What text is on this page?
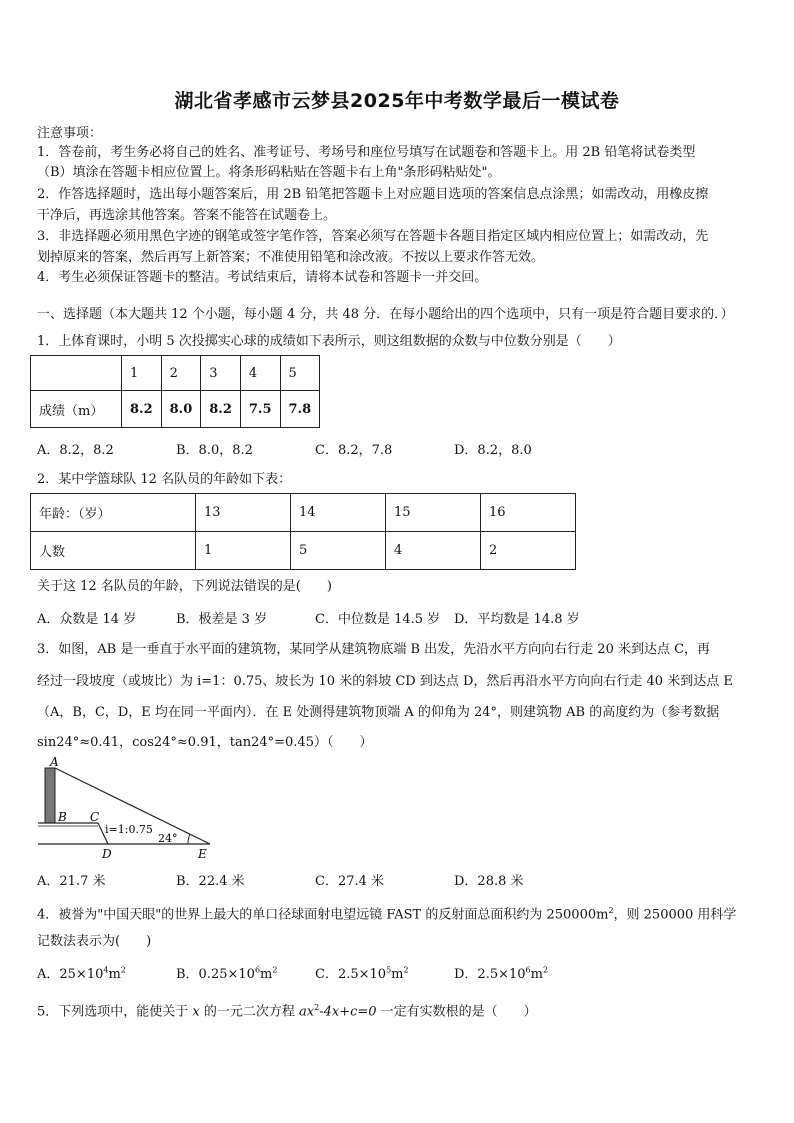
湖北省孝感市云梦县2025年中考数学最后一模试卷
注意事项：
1．答卷前，考生务必将自己的姓名、准考证号、考场号和座位号填写在试题卷和答题卡上。用 2B 铅笔将试卷类型
（B）填涂在答题卡相应位置上。将条形码粘贴在答题卡右上角"条形码粘贴处"。
2．作答选择题时，选出每小题答案后，用 2B 铅笔把答题卡上对应题目选项的答案信息点涂黑；如需改动，用橡皮擦
干净后，再选涂其他答案。答案不能答在试题卷上。
3．非选择题必须用黑色字迹的钢笔或签字笔作答，答案必须写在答题卡各题目指定区域内相应位置上；如需改动，先
划掉原来的答案，然后再写上新答案；不准使用铅笔和涂改液。不按以上要求作答无效。
4．考生必须保证答题卡的整洁。考试结束后，请将本试卷和答题卡一并交回。
一、选择题（本大题共 12 个小题，每小题 4 分，共 48 分．在每小题给出的四个选项中，只有一项是符合题目要求的．）
1．上体育课时，小明 5 次投掷实心球的成绩如下表所示，则这组数据的众数与中位数分别是（　　）
	1	2	3	4	5
成绩（m）	8.2	8.0	8.2	7.5	7.8
A．8.2，8.2	B．8.0，8.2	C．8.2，7.8	D．8.2，8.0
2．某中学篮球队 12 名队员的年龄如下表：
年龄：（岁）	13	14	15	16
人数	1	5	4	2
关于这 12 名队员的年龄，下列说法错误的是(　　)
A．众数是 14 岁	B．极差是 3 岁	C．中位数是 14.5 岁 D．平均数是 14.8 岁
3．如图，AB 是一垂直于水平面的建筑物，某同学从建筑物底端 B 出发，先沿水平方向向右行走 20 米到达点 C，再
经过一段坡度（或坡比）为 i=1：0.75、坡长为 10 米的斜坡 CD 到达点 D，然后再沿水平方向向右行走 40 米到达点 E
（A，B，C，D，E 均在同一平面内）．在 E 处测得建筑物顶端 A 的仰角为 24°，则建筑物 AB 的高度约为（参考数据
sin24°≈0.41，cos24°≈0.91，tan24°=0.45）（　　）
A
B C
D	E
i=1:0.75
24°
A．21.7 米	B．22.4 米	C．27.4 米	D．28.8 米
4．被誉为"中国天眼"的世界上最大的单口径球面射电望远镜 FAST 的反射面总面积约为 $250000m^2$，则 250000 用科学
记数法表示为(　　)
A．$25\times 10^4m^2$	B．$0.25\times 10^6m^2$	C．$2.5\times 10^5m^2$	D．$2.5\times 10^6m^2$
5．下列选项中，能使关于 x 的一元二次方程 $ax^2-4x+c=0$ 一定有实数根的是（　　）
